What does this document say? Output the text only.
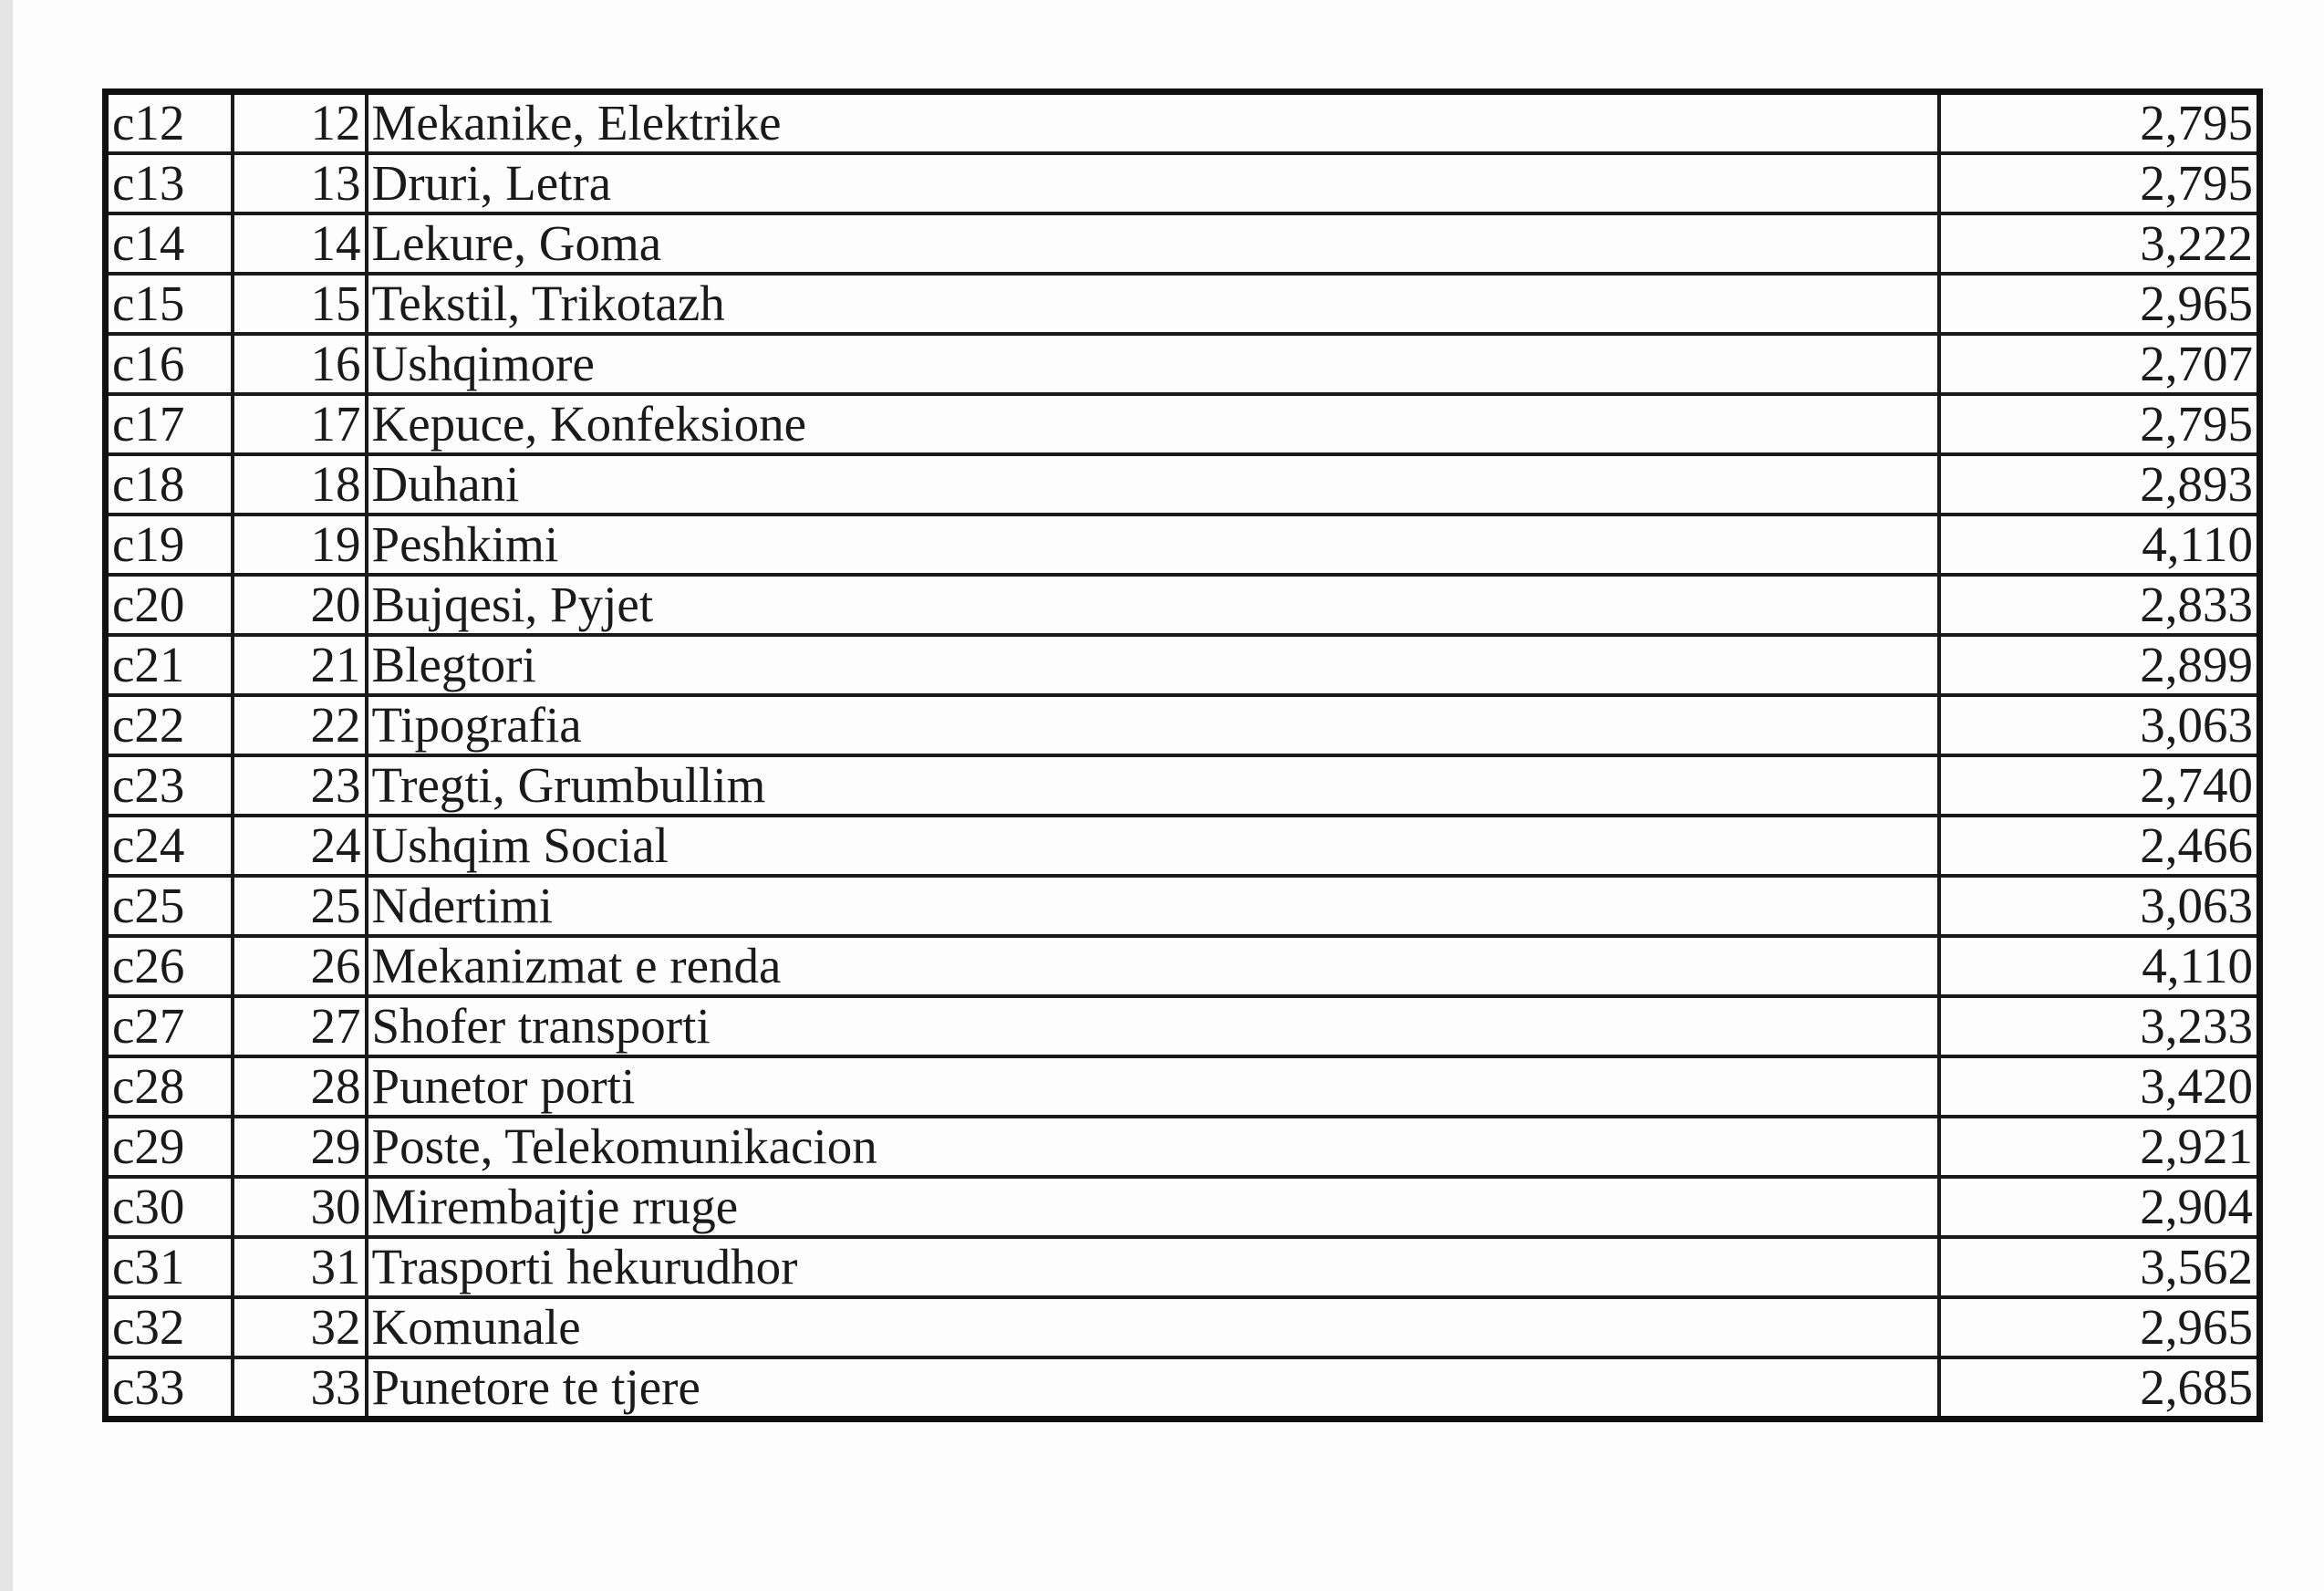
c12	12	Mekanike, Elektrike	2,795
c13	13	Druri, Letra	2,795
c14	14	Lekure, Goma	3,222
c15	15	Tekstil, Trikotazh	2,965
c16	16	Ushqimore	2,707
c17	17	Kepuce, Konfeksione	2,795
c18	18	Duhani	2,893
c19	19	Peshkimi	4,110
c20	20	Bujqesi, Pyjet	2,833
c21	21	Blegtori	2,899
c22	22	Tipografia	3,063
c23	23	Tregti, Grumbullim	2,740
c24	24	Ushqim Social	2,466
c25	25	Ndertimi	3,063
c26	26	Mekanizmat e renda	4,110
c27	27	Shofer transporti	3,233
c28	28	Punetor porti	3,420
c29	29	Poste, Telekomunikacion	2,921
c30	30	Mirembajtje rruge	2,904
c31	31	Trasporti hekurudhor	3,562
c32	32	Komunale	2,965
c33	33	Punetore te tjere	2,685
